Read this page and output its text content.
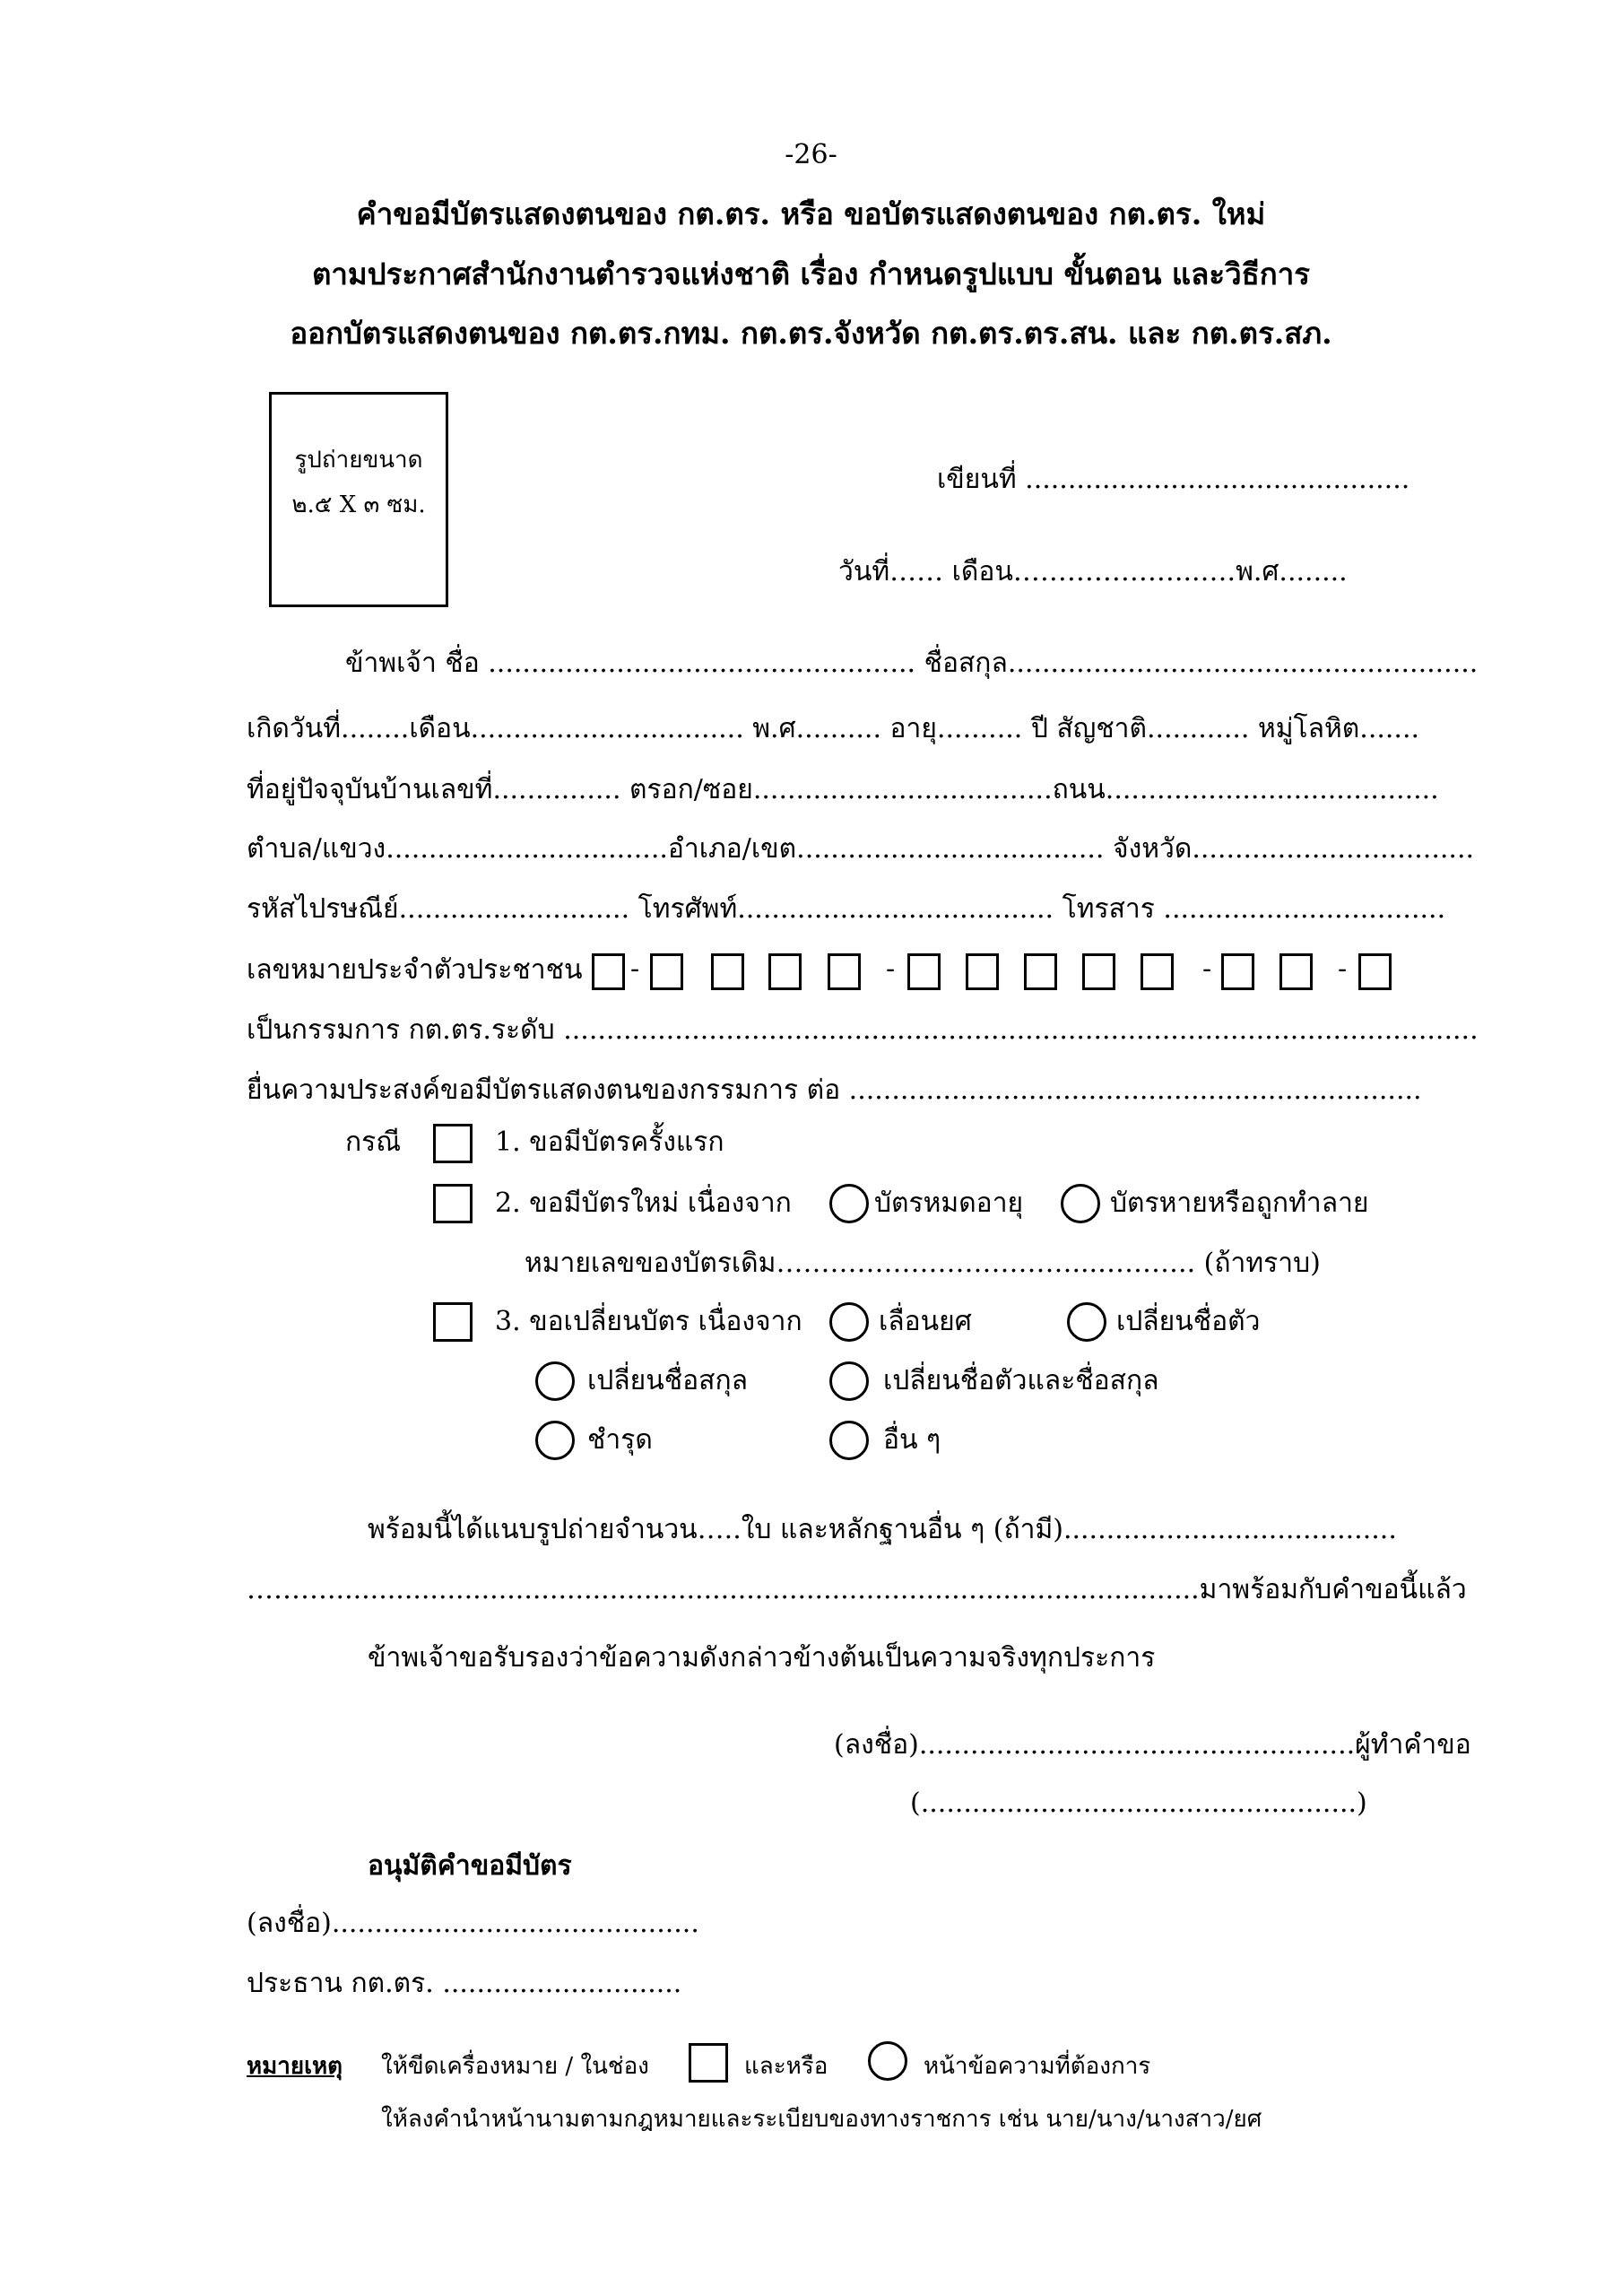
-26-
คำขอมีบัตรแสดงตนของ กต.ตร. หรือ ขอบัตรแสดงตนของ กต.ตร. ใหม่
ตามประกาศสำนักงานตำรวจแห่งชาติ เรื่อง กำหนดรูปแบบ ขั้นตอน และวิธีการ
ออกบัตรแสดงตนของ กต.ตร.กทม. กต.ตร.จังหวัด กต.ตร.ตร.สน. และ กต.ตร.สภ.
รูปถ่ายขนาด
๒.๕ X ๓ ซม.
เขียนที่ .............................................
วันที่…… เดือน………………...….พ.ศ........
ข้าพเจ้า ชื่อ .................................................. ชื่อสกุล.......................................................
เกิดวันที่........เดือน................................ พ.ศ.......... อายุ.......... ปี สัญชาติ............ หมู่โลหิต.......
ที่อยู่ปัจจุบันบ้านเลขที่............... ตรอก/ซอย...................................ถนน.......................................
ตำบล/แขวง.................................อำเภอ/เขต.................................... จังหวัด.................................
รหัสไปรษณีย์........................... โทรศัพท์..................................... โทรสาร .................................
เลขหมายประจำตัวประชาชน -	-	-	-
เป็นกรรมการ กต.ตร.ระดับ ...........................................................................................................
ยื่นความประสงค์ขอมีบัตรแสดงตนของกรรมการ ต่อ ...................................................................
กรณี	1. ขอมีบัตรครั้งแรก
2. ขอมีบัตรใหม่ เนื่องจาก	บัตรหมดอายุ	บัตรหายหรือถูกทำลาย
หมายเลขของบัตรเดิม……………………………...……….. (ถ้าทราบ)
3. ขอเปลี่ยนบัตร เนื่องจาก	เลื่อนยศ	เปลี่ยนชื่อตัว
เปลี่ยนชื่อสกุล	เปลี่ยนชื่อตัวและชื่อสกุล
ชำรุด	อื่น ๆ
พร้อมนี้ได้แนบรูปถ่ายจำนวน…..ใบ และหลักฐานอื่น ๆ (ถ้ามี).......................................
………......................................................................................................มาพร้อมกับคำขอนี้แล้ว
ข้าพเจ้าขอรับรองว่าข้อความดังกล่าวข้างต้นเป็นความจริงทุกประการ
(ลงชื่อ)...................................................ผู้ทำคำขอ
(...................................................)
อนุมัติคำขอมีบัตร
(ลงชื่อ)...........................................
ประธาน กต.ตร. ............................
หมายเหตุ ให้ขีดเครื่องหมาย / ในช่อง	และหรือ	หน้าข้อความที่ต้องการ
ให้ลงคำนำหน้านามตามกฎหมายและระเบียบของทางราชการ เช่น นาย/นาง/นางสาว/ยศ
